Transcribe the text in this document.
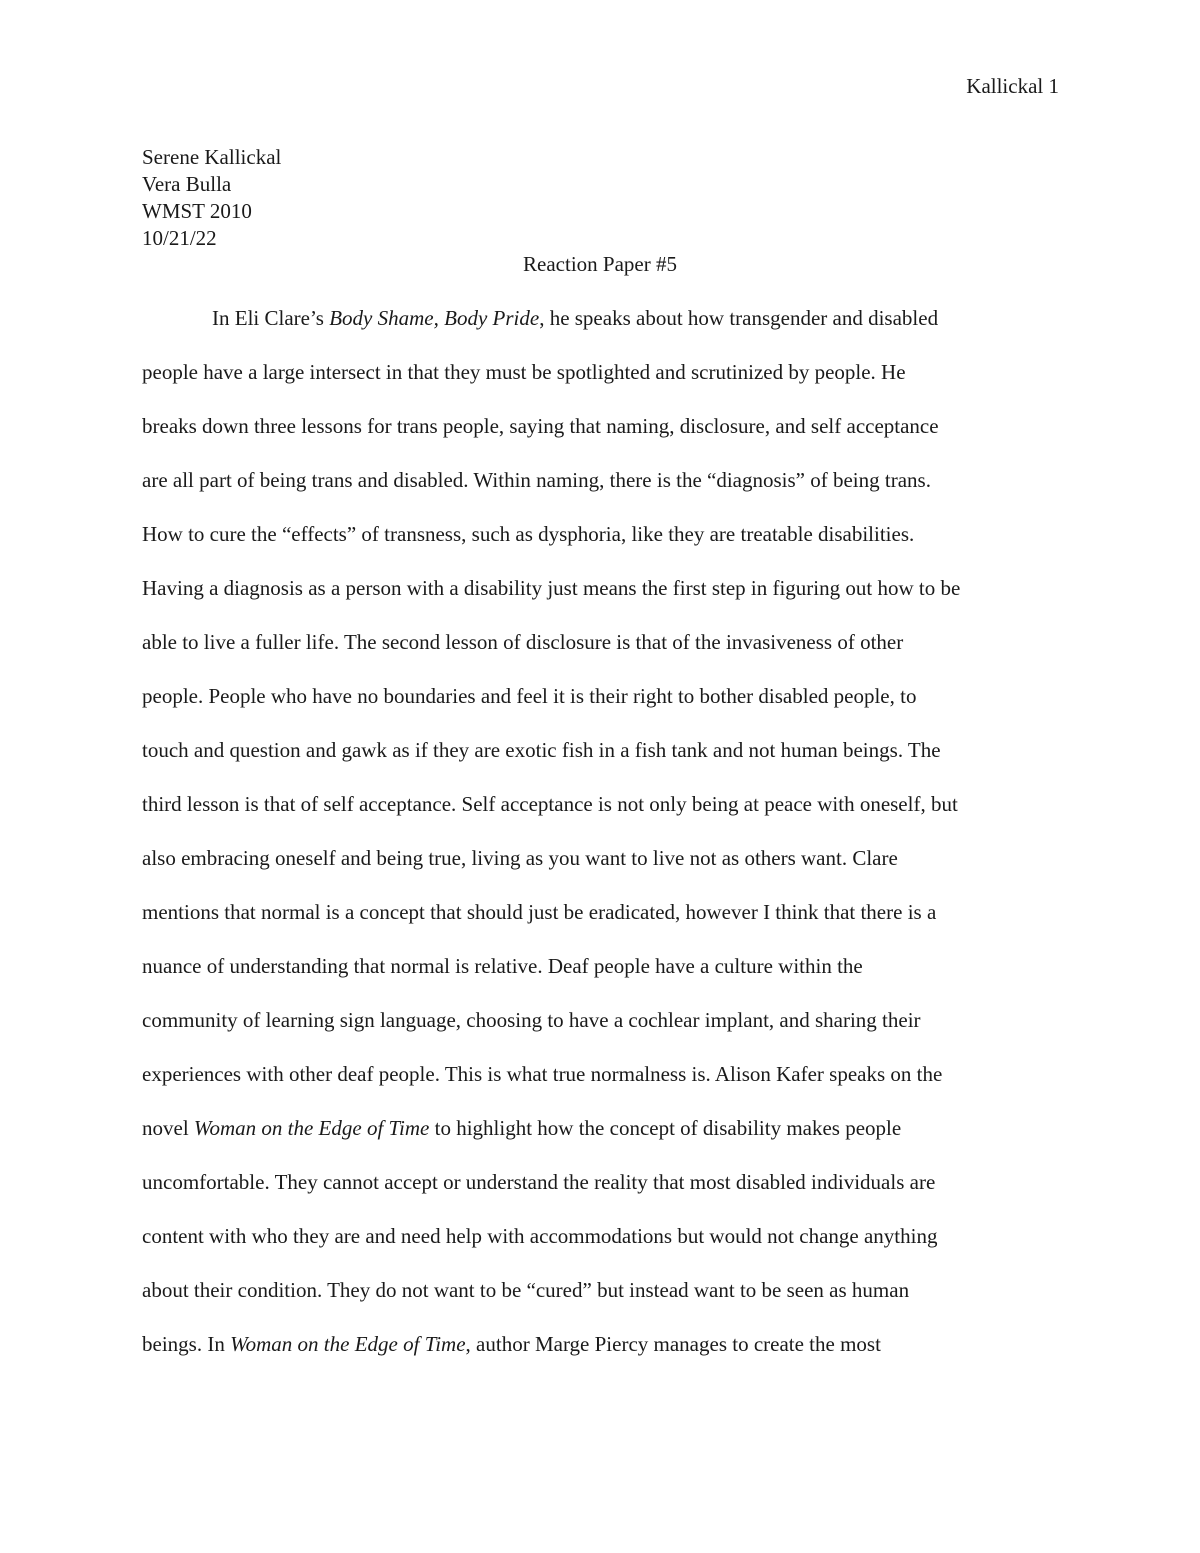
Kallickal 1
Serene Kallickal
Vera Bulla
WMST 2010
10/21/22
Reaction Paper #5
In Eli Clare’s Body Shame, Body Pride, he speaks about how transgender and disabled
people have a large intersect in that they must be spotlighted and scrutinized by people. He
breaks down three lessons for trans people, saying that naming, disclosure, and self acceptance
are all part of being trans and disabled. Within naming, there is the “diagnosis” of being trans.
How to cure the “effects” of transness, such as dysphoria, like they are treatable disabilities.
Having a diagnosis as a person with a disability just means the first step in figuring out how to be
able to live a fuller life. The second lesson of disclosure is that of the invasiveness of other
people. People who have no boundaries and feel it is their right to bother disabled people, to
touch and question and gawk as if they are exotic fish in a fish tank and not human beings. The
third lesson is that of self acceptance. Self acceptance is not only being at peace with oneself, but
also embracing oneself and being true, living as you want to live not as others want. Clare
mentions that normal is a concept that should just be eradicated, however I think that there is a
nuance of understanding that normal is relative. Deaf people have a culture within the
community of learning sign language, choosing to have a cochlear implant, and sharing their
experiences with other deaf people. This is what true normalness is. Alison Kafer speaks on the
novel Woman on the Edge of Time to highlight how the concept of disability makes people
uncomfortable. They cannot accept or understand the reality that most disabled individuals are
content with who they are and need help with accommodations but would not change anything
about their condition. They do not want to be “cured” but instead want to be seen as human
beings. In Woman on the Edge of Time, author Marge Piercy manages to create the most
